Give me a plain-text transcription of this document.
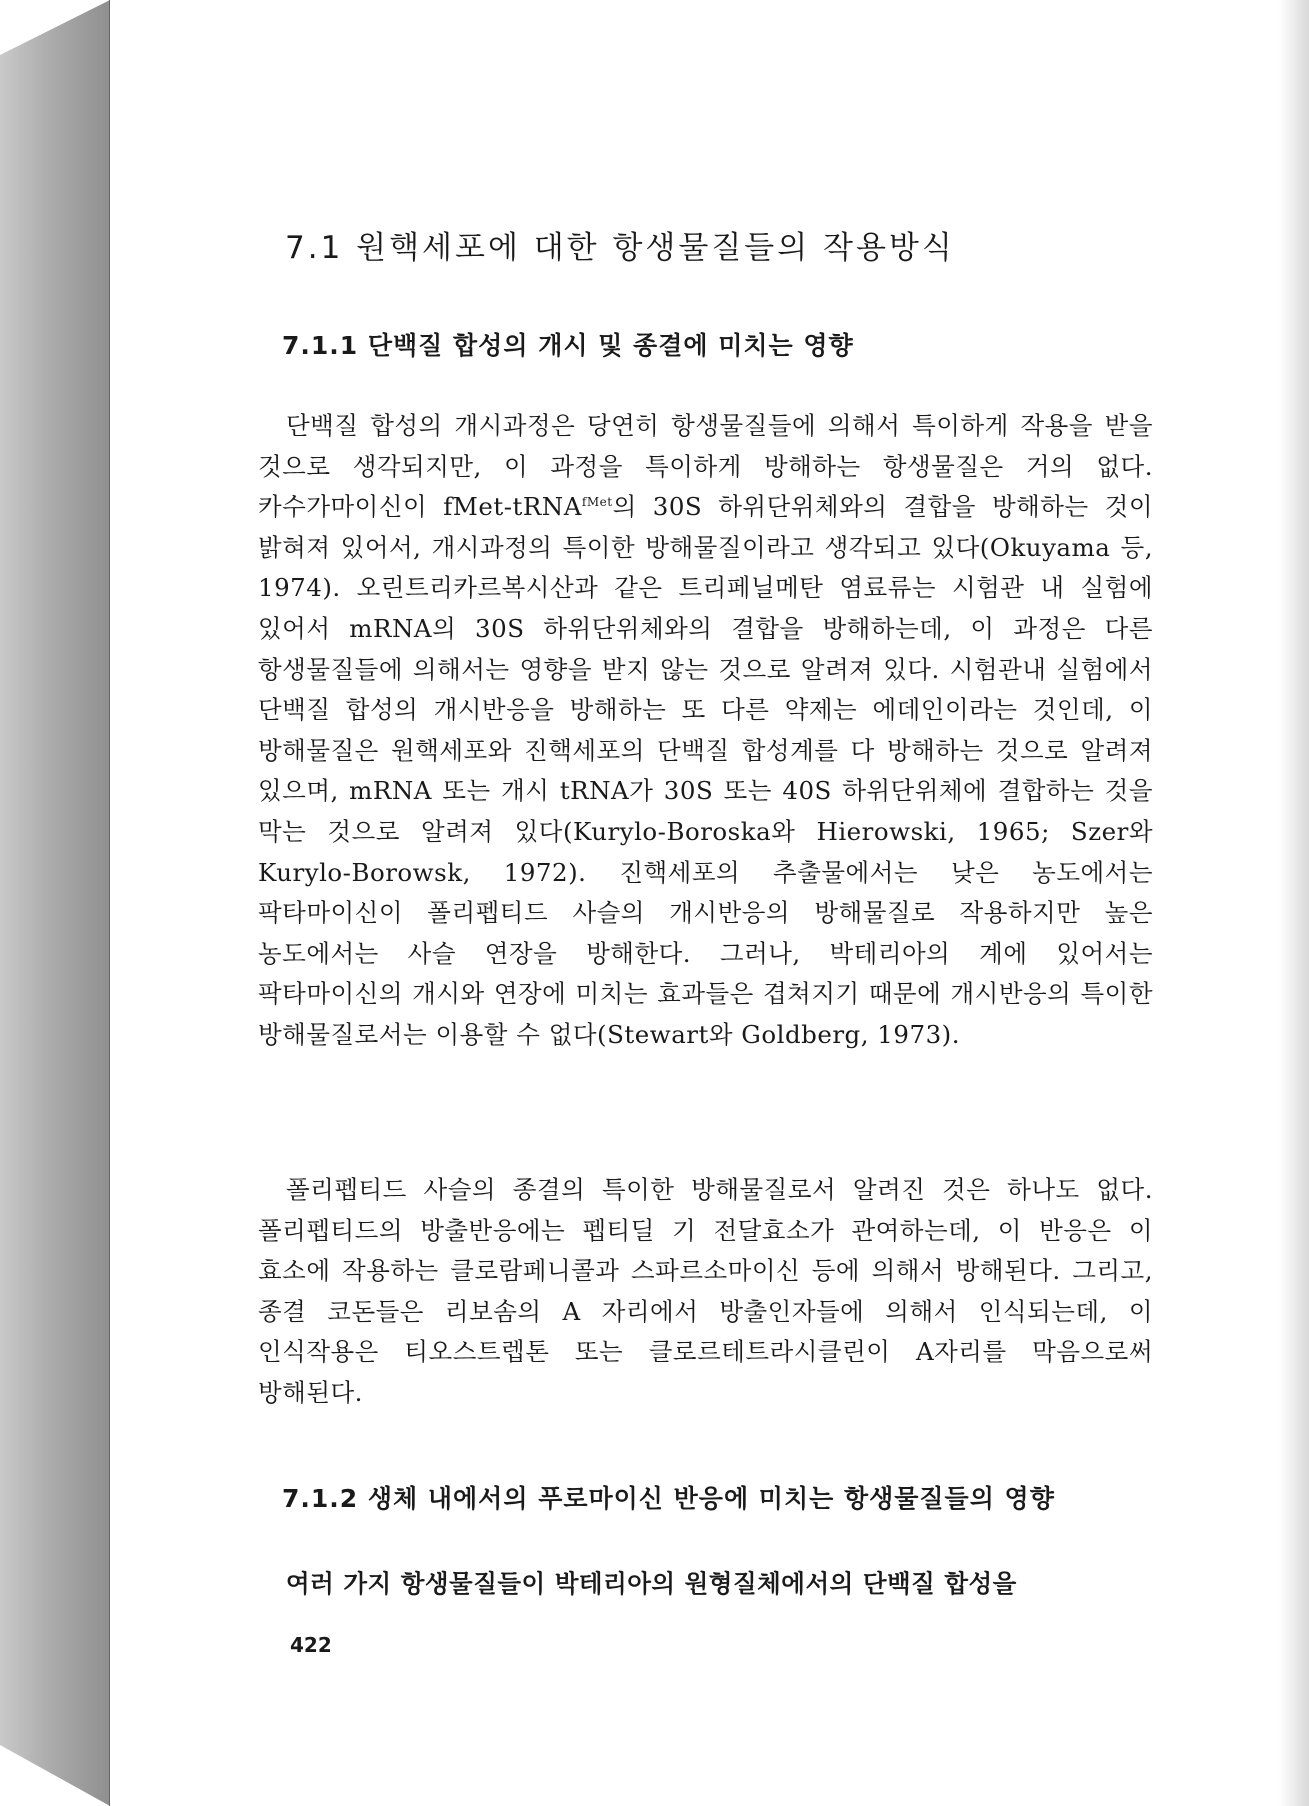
7.1 원핵세포에 대한 항생물질들의 작용방식
7.1.1 단백질 합성의 개시 및 종결에 미치는 영향
단백질 합성의 개시과정은 당연히 항생물질들에 의해서 특이하게 작용을 받을 것으로 생각되지만, 이 과정을 특이하게 방해하는 항생물질은 거의 없다. 카수가마이신이 fMet-tRNA$^{fMet}$의 30S 하위단위체와의 결합을 방해하는 것이 밝혀져 있어서, 개시과정의 특이한 방해물질이라고 생각되고 있다(Okuyama 등, 1974). 오린트리카르복시산과 같은 트리페닐메탄 염료류는 시험관 내 실험에 있어서 mRNA의 30S 하위단위체와의 결합을 방해하는데, 이 과정은 다른 항생물질들에 의해서는 영향을 받지 않는 것으로 알려져 있다. 시험관내 실험에서 단백질 합성의 개시반응을 방해하는 또 다른 약제는 에데인이라는 것인데, 이 방해물질은 원핵세포와 진핵세포의 단백질 합성계를 다 방해하는 것으로 알려져 있으며, mRNA 또는 개시 tRNA가 30S 또는 40S 하위단위체에 결합하는 것을 막는 것으로 알려져 있다(Kurylo-Boroska와 Hierowski, 1965; Szer와 Kurylo-Borowsk, 1972). 진핵세포의 추출물에서는 낮은 농도에서는 팍타마이신이 폴리펩티드 사슬의 개시반응의 방해물질로 작용하지만 높은 농도에서는 사슬 연장을 방해한다. 그러나, 박테리아의 계에 있어서는 팍타마이신의 개시와 연장에 미치는 효과들은 겹쳐지기 때문에 개시반응의 특이한 방해물질로서는 이용할 수 없다(Stewart와 Goldberg, 1973).
폴리펩티드 사슬의 종결의 특이한 방해물질로서 알려진 것은 하나도 없다. 폴리펩티드의 방출반응에는 펩티딜 기 전달효소가 관여하는데, 이 반응은 이 효소에 작용하는 클로람페니콜과 스파르소마이신 등에 의해서 방해된다. 그리고, 종결 코돈들은 리보솜의 A 자리에서 방출인자들에 의해서 인식되는데, 이 인식작용은 티오스트렙톤 또는 클로르테트라시클린이 A자리를 막음으로써 방해된다.
7.1.2 생체 내에서의 푸로마이신 반응에 미치는 항생물질들의 영향
여러 가지 항생물질들이 박테리아의 원형질체에서의 단백질 합성을
422
